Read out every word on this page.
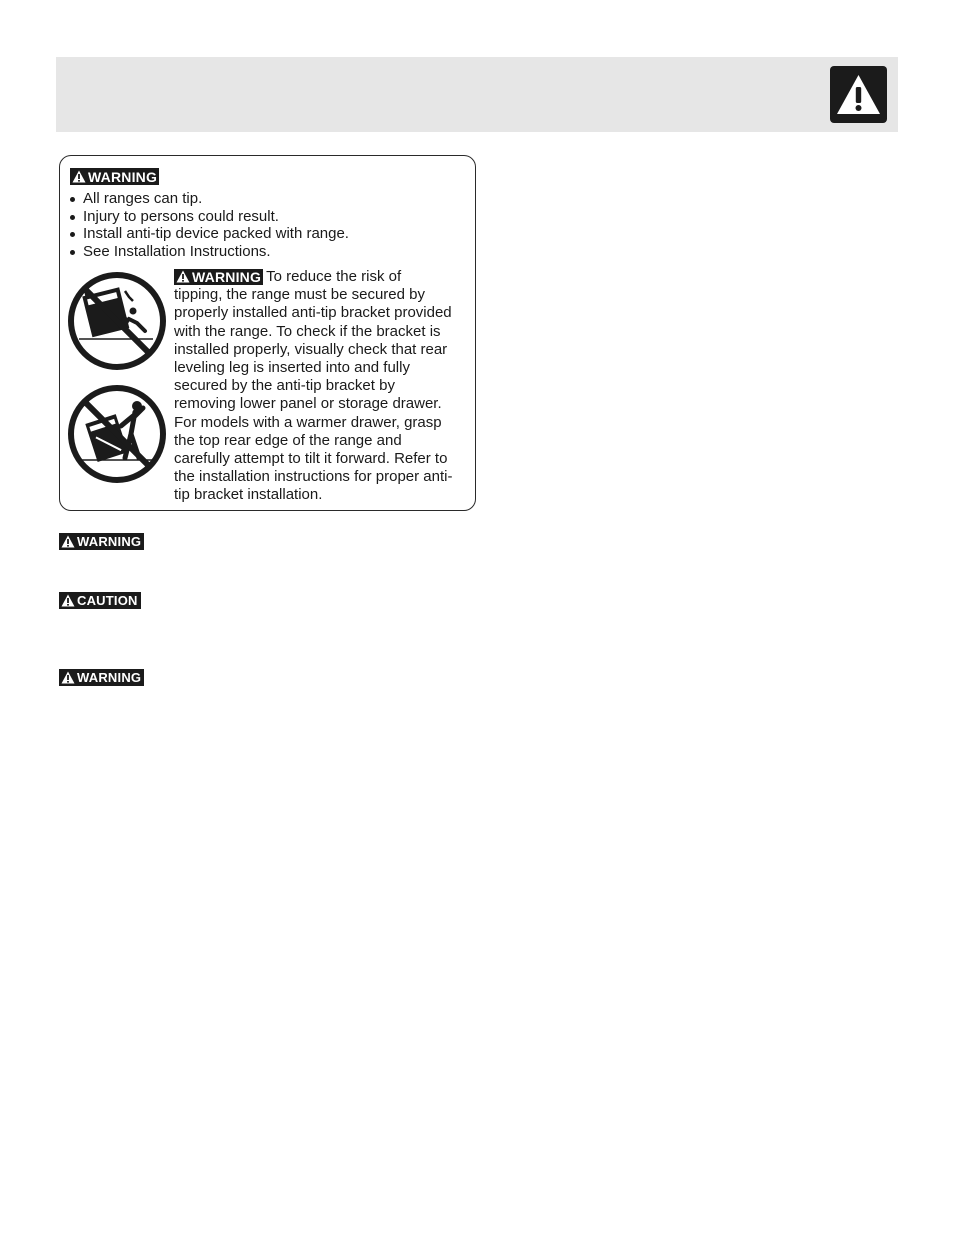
WARNING
All ranges can tip.
Injury to persons could result.
Install anti-tip device packed with range.
See Installation Instructions.
WARNING To reduce the risk of
tipping, the range must be secured by
properly installed anti-tip bracket provided
with the range. To check if the bracket is
installed properly, visually check that rear
leveling leg is inserted into and fully
secured by the anti-tip bracket by
removing lower panel or storage drawer.
For models with a warmer drawer, grasp
the top rear edge of the range and
carefully attempt to tilt it forward. Refer to
the installation instructions for proper anti-
tip bracket installation.
WARNING
CAUTION
WARNING
